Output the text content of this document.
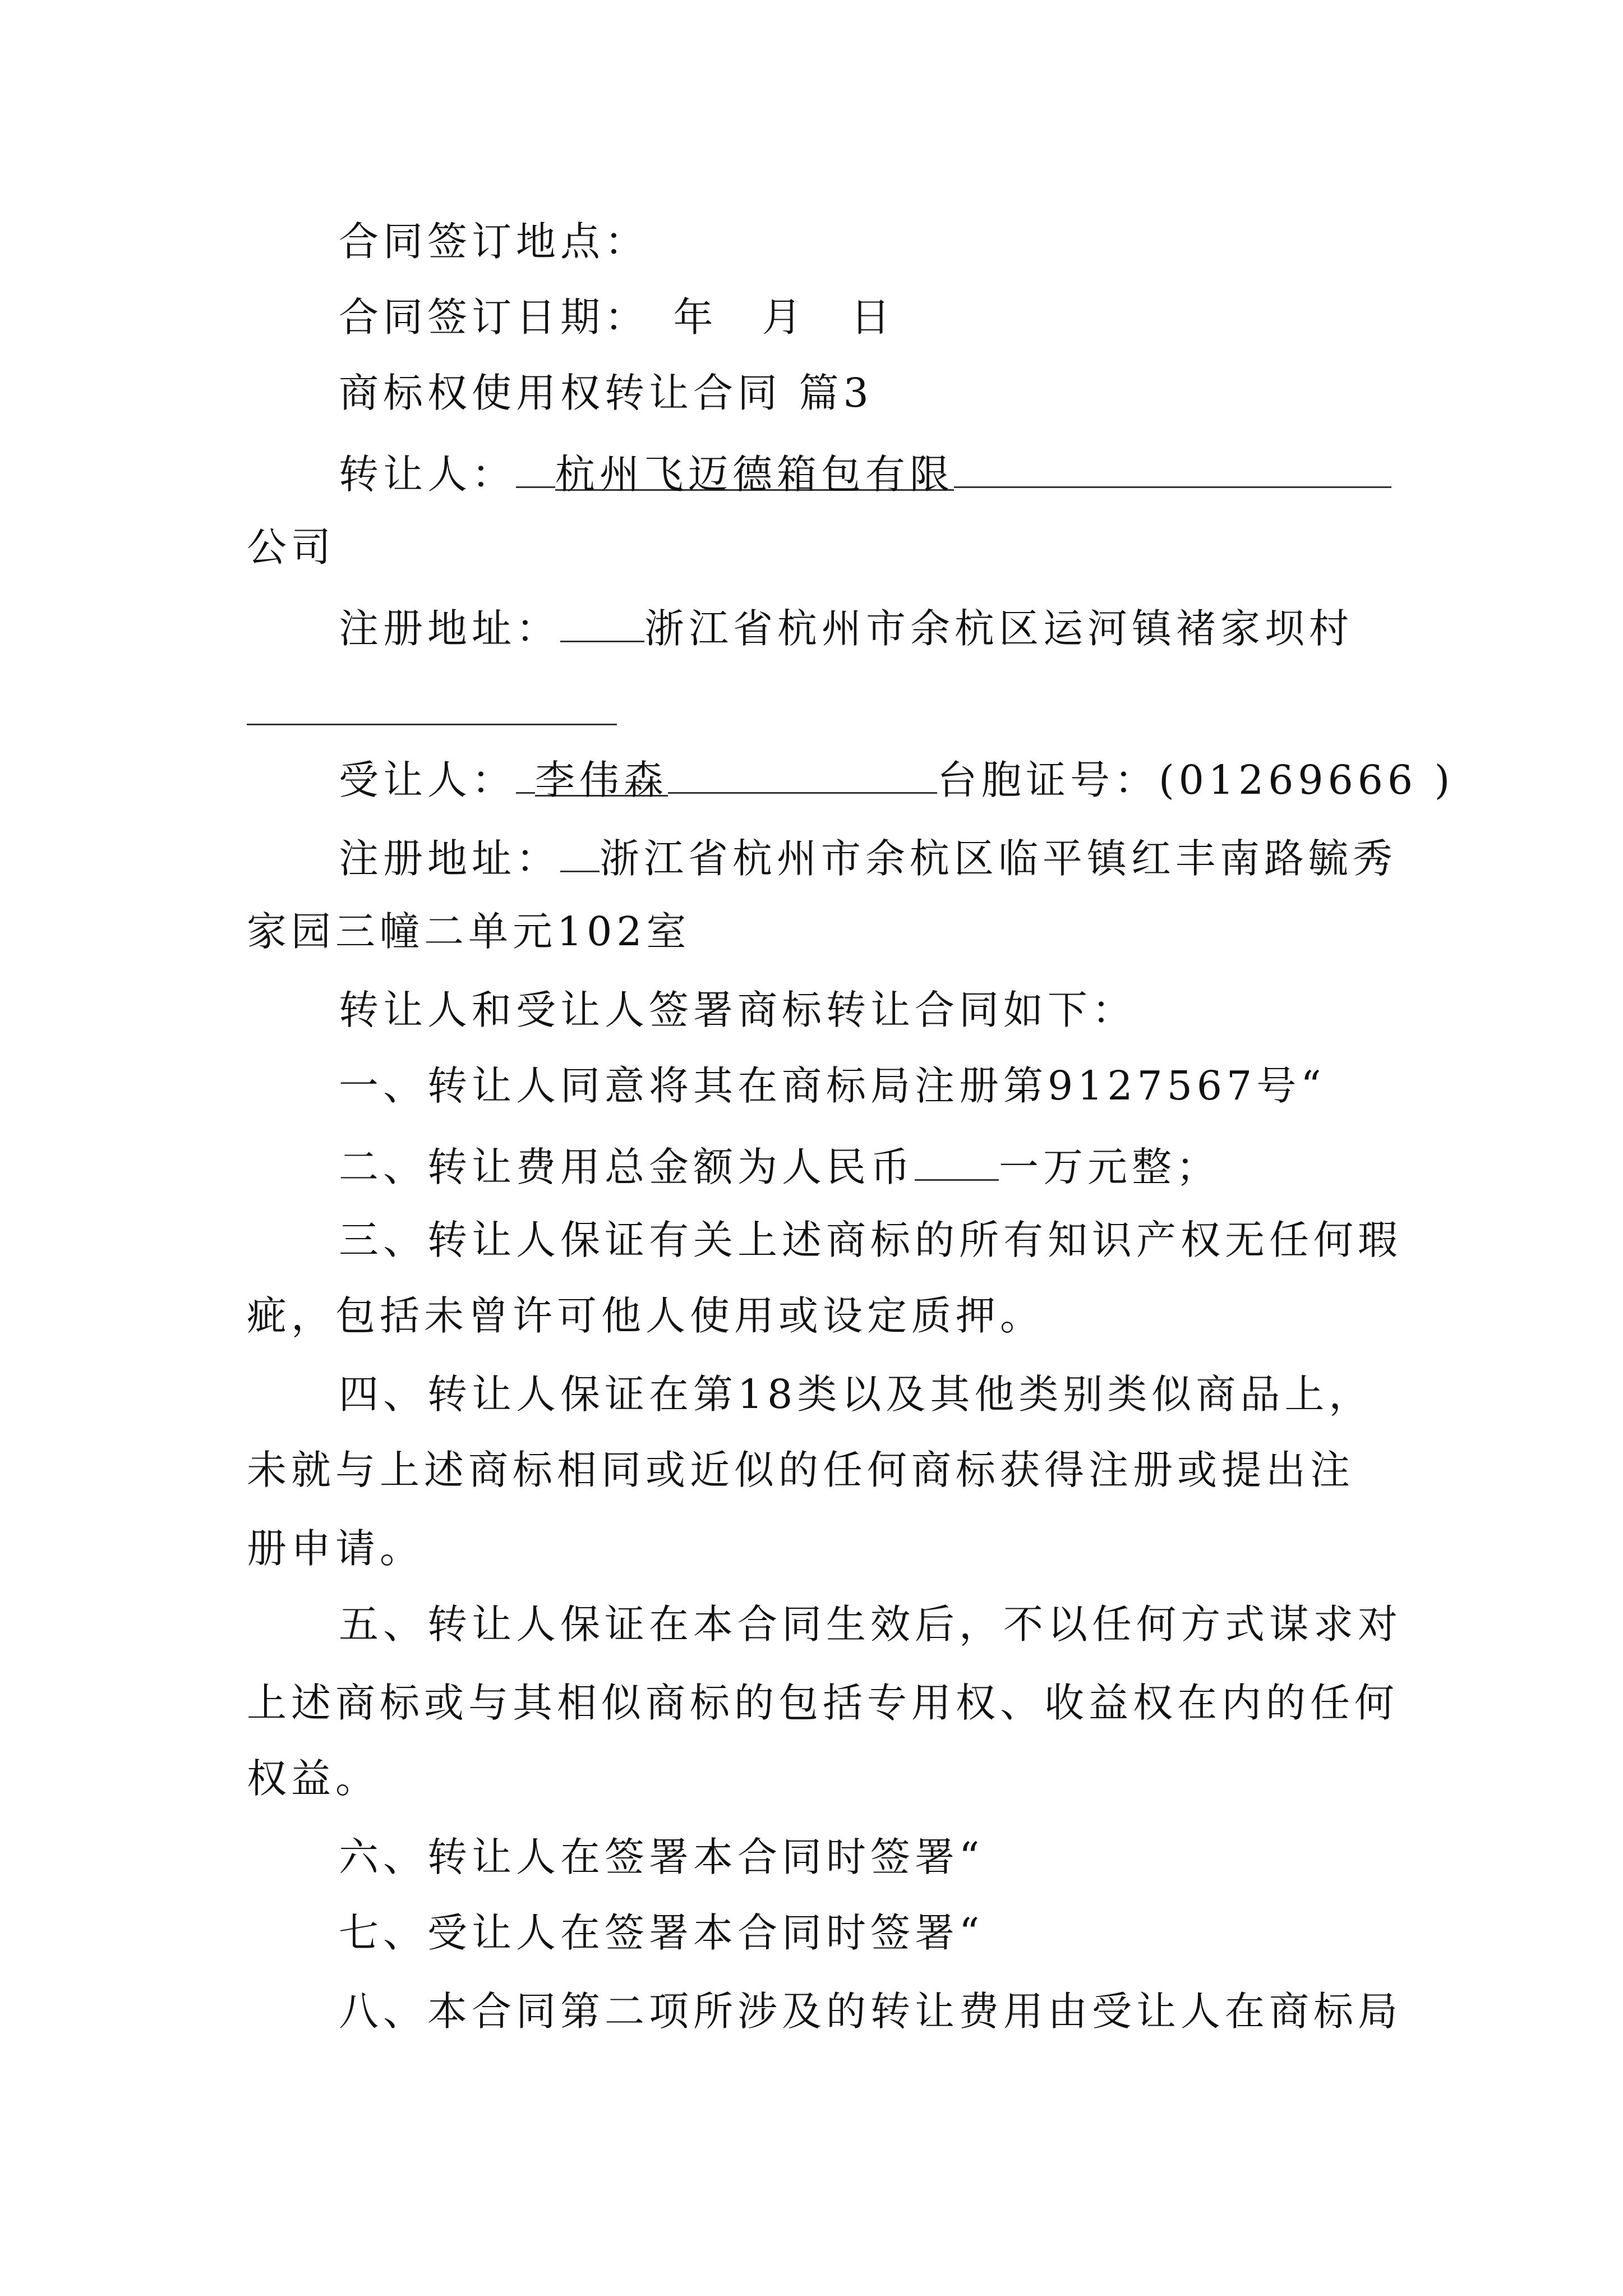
合同签订地点：
合同签订日期：　年　月　日
商标权使用权转让合同 篇3
转让人： 杭州飞迈德箱包有限
公司
注册地址： 浙江省杭州市余杭区运河镇褚家坝村
受让人： 李伟森	台胞证号：(01269666 )
注册地址： 浙江省杭州市余杭区临平镇红丰南路毓秀
家园三幢二单元102室
转让人和受让人签署商标转让合同如下：
一、转让人同意将其在商标局注册第9127567号“
二、转让费用总金额为人民币 一万元整；
三、转让人保证有关上述商标的所有知识产权无任何瑕
疵，包括未曾许可他人使用或设定质押。
四、转让人保证在第18类以及其他类别类似商品上，
未就与上述商标相同或近似的任何商标获得注册或提出注
册申请。
五、转让人保证在本合同生效后，不以任何方式谋求对
上述商标或与其相似商标的包括专用权、收益权在内的任何
权益。
六、转让人在签署本合同时签署“
七、受让人在签署本合同时签署“
八、本合同第二项所涉及的转让费用由受让人在商标局
